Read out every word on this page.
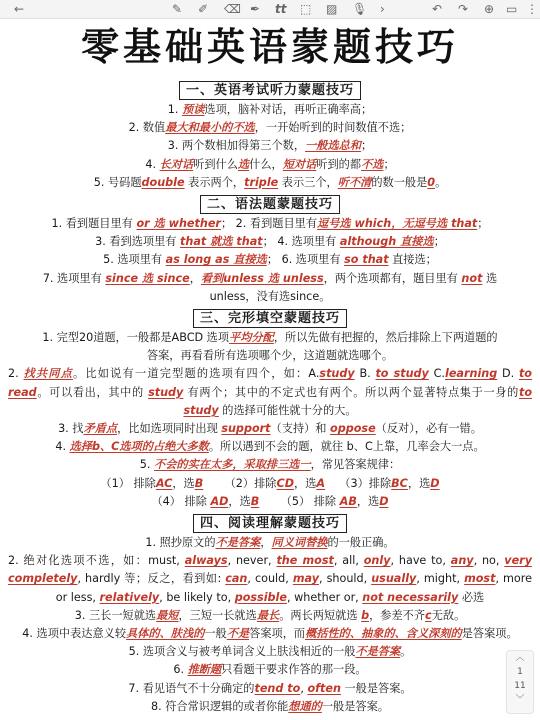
←	✎ ✐ ⌫ ✒ tt ⬚ ▨ 🎙 ›	↶ ↷ ⊕ ▭ ⋮
零基础英语蒙题技巧
一、英语考试听力蒙题技巧
1. 预读选项，脑补对话，再听正确率高；
2. 数值最大和最小的不选，一开始听到的时间数值不选；
3. 两个数相加得第三个数，一般选总和；
4. 长对话听到什么选什么，短对话听到的都不选；
5. 号码题double 表示两个，triple 表示三个，听不清的数一般是0。
二、语法题蒙题技巧
1. 看到题目里有 or 选 whether； 2. 看到题目里有逗号选 which，无逗号选 that；
3. 看到选项里有 that 就选 that； 4. 选项里有 although 直接选；
5. 选项里有 as long as 直接选； 6. 选项里有 so that 直接选；
7. 选项里有 since 选 since，看到unless 选 unless，两个选项都有，题目里有 not 选
unless，没有选since。
三、完形填空蒙题技巧
1. 完型20道题，一般都是ABCD 选项平均分配，所以先做有把握的，然后排除上下两道题的
答案，再看看所有选项哪个少，这道题就选哪个。
2. 找共同点。比如说有一道完型题的选项有四个，如：A.study B. to study C.learning D. to read。可以看出，其中的 study 有两个；其中的不定式也有两个。所以两个显著特点集于一身的to study 的选择可能性就十分的大。
3. 找矛盾点，比如选项同时出现 support（支持）和 oppose（反对），必有一错。
4. 选择b、C选项的占绝大多数。所以遇到不会的题，就往 b、C上靠，几率会大一点。
5. 不会的实在太多，采取排三选一，常见答案规律：
（1） 排除AC，选B      （2）排除CD，选A    （3）排除BC，选D
（4） 排除 AD，选B      （5） 排除 AB，选D
四、阅读理解蒙题技巧
1. 照抄原文的不是答案，同义词替换的一般正确。
2. 绝对化选项不选，如：must, always, never, the most, all, only, have to, any, no, very completely, hardly 等；反之，看到如: can, could, may, should, usually, might, most, more or less, relatively, be likely to, possible, whether or, not necessarily 必选
3. 三长一短就选最短，三短一长就选最长。两长两短就选 b，参差不齐c无敌。
4. 选项中表达意义较具体的、肤浅的一般不是答案项，而概括性的、抽象的、含义深刻的是答案项。
5. 选项含义与被考单词含义上肤浅相近的一般不是答案。
6. 推断题只看题干要求作答的那一段。
7. 看见语气不十分确定的tend to, often 一般是答案。
8. 符合常识逻辑的或者你能想通的一般是答案。
︿
1
11
﹀
